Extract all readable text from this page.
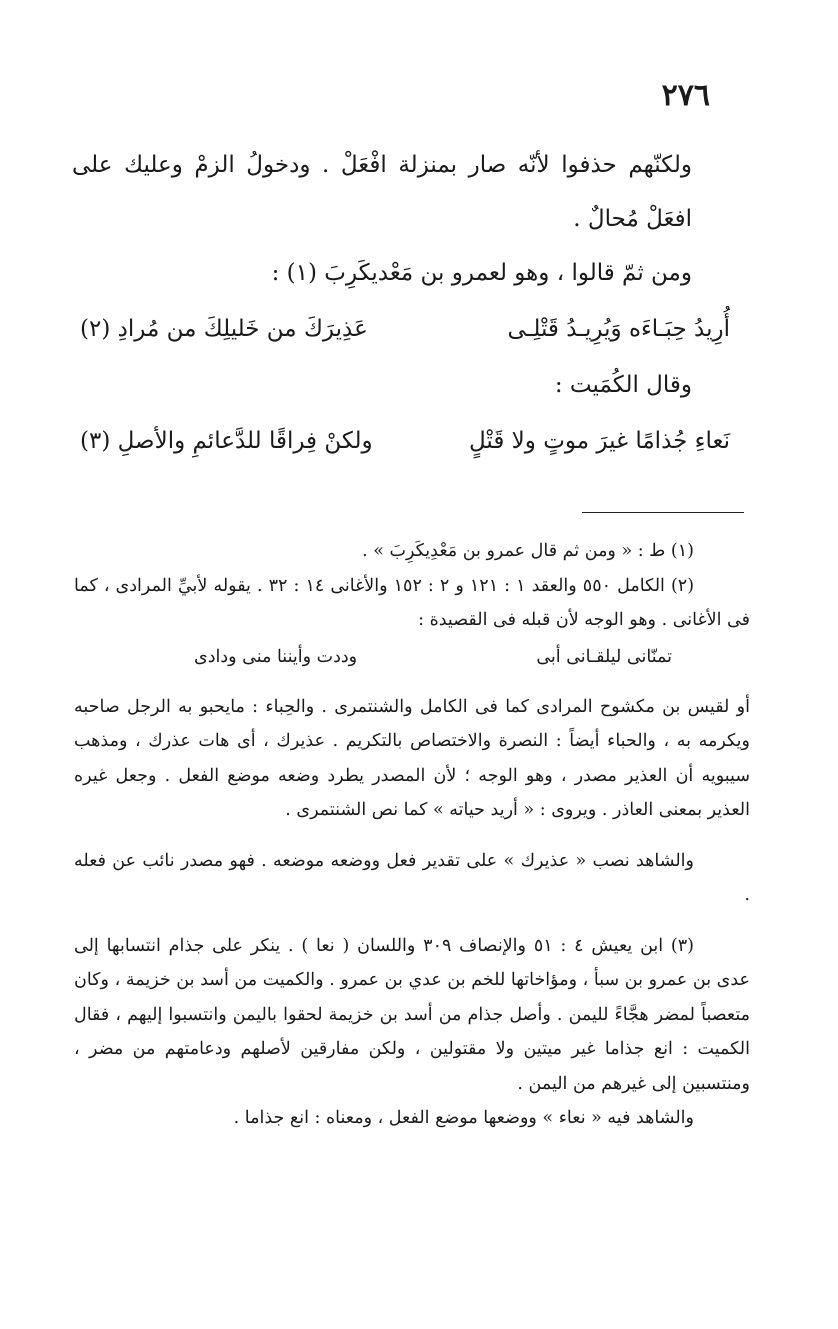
٢٧٦

ولكنّهم حذفوا لأنّه صار بمنزلة افْعَلْ . ودخولُ الزمْ وعليك على افعَلْ مُحالٌ .

ومن ثمّ قالوا ، وهو لعمرو بن مَعْديكَرِبَ (١) :

أُرِيدُ حِبَـاءَه وَيُرِيـدُ قَتْلِـى
عَذِيرَكَ من خَليلِكَ من مُرادِ (٢)

وقال الكُمَيت :

نَعاءِ جُذامًا غيرَ موتٍ ولا قَتْلٍ
ولكنْ فِراقًا للدَّعائمِ والأصلِ (٣)

(١) ط : « ومن ثم قال عمرو بن مَعْدِيكَرِبَ » .

(٢) الكامل ٥٥٠ والعقد ١ : ١٢١ و ٢ : ١٥٢ والأغانى ١٤ : ٣٢ . يقوله لأبيِّ المرادى ، كما فى الأغانى . وهو الوجه لأن قبله فى القصيدة :

تمنّانى ليلقـانى أبى
وددت وأيننا منى ودادى

أو لقيس بن مكشوح المرادى كما فى الكامل والشنتمرى . والحِباء : مايحبو به الرجل صاحبه ويكرمه به ، والحباء أيضاً : النصرة والاختصاص بالتكريم . عذيرك ، أى هات عذرك ، ومذهب سيبويه أن العذير مصدر ، وهو الوجه ؛ لأن المصدر يطرد وضعه موضع الفعل . وجعل غيره العذير بمعنى العاذر . ويروى : « أريد حياته » كما نص الشنتمرى .

والشاهد نصب « عذيرك » على تقدير فعل ووضعه موضعه . فهو مصدر نائب عن فعله .

(٣) ابن يعيش ٤ : ٥١ والإنصاف ٣٠٩ واللسان ( نعا ) . ينكر على جذام انتسابها إلى عدى بن عمرو بن سبأ ، ومؤاخاتها للخم بن عدي بن عمرو . والكميت من أسد بن خزيمة ، وكان متعصباً لمضر هجَّاءً لليمن . وأصل جذام من أسد بن خزيمة لحقوا باليمن وانتسبوا إليهم ، فقال الكميت : انع جذاما غير ميتين ولا مقتولين ، ولكن مفارقين لأصلهم ودعامتهم من مضر ، ومنتسبين إلى غيرهم من اليمن .

والشاهد فيه « نعاء » ووضعها موضع الفعل ، ومعناه : انع جذاما .
